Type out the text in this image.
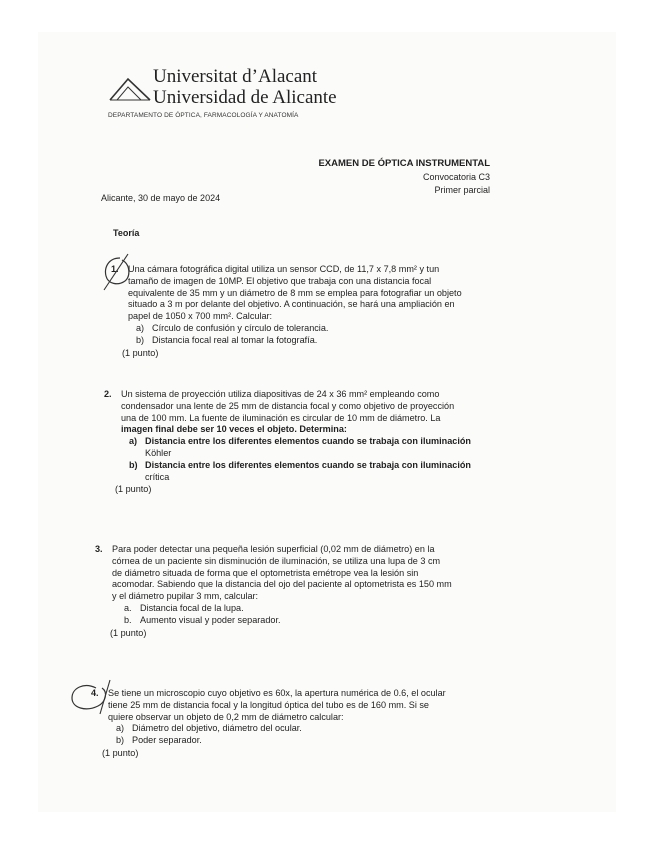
Universitat d’Alacant
Universidad de Alicante
DEPARTAMENTO DE ÓPTICA, FARMACOLOGÍA Y ANATOMÍA
EXAMEN DE ÓPTICA INSTRUMENTAL
Convocatoria C3
Primer parcial
Alicante, 30 de mayo de 2024
Teoría
1. Una cámara fotográfica digital utiliza un sensor CCD, de 11,7 x 7,8 mm² y tun
tamaño de imagen de 10MP. El objetivo que trabaja con una distancia focal
equivalente de 35 mm y un diámetro de 8 mm se emplea para fotografiar un objeto
situado a 3 m por delante del objetivo. A continuación, se hará una ampliación en
papel de 1050 x 700 mm². Calcular:
a) Círculo de confusión y círculo de tolerancia.
b) Distancia focal real al tomar la fotografía.
(1 punto)
2. Un sistema de proyección utiliza diapositivas de 24 x 36 mm² empleando como
condensador una lente de 25 mm de distancia focal y como objetivo de proyección
una de 100 mm. La fuente de iluminación es circular de 10 mm de diámetro. La
imagen final debe ser 10 veces el objeto. Determina:
a) Distancia entre los diferentes elementos cuando se trabaja con iluminación
Köhler
b) Distancia entre los diferentes elementos cuando se trabaja con iluminación
crítica
(1 punto)
3. Para poder detectar una pequeña lesión superficial (0,02 mm de diámetro) en la
córnea de un paciente sin disminución de iluminación, se utiliza una lupa de 3 cm
de diámetro situada de forma que el optometrista emétrope vea la lesión sin
acomodar. Sabiendo que la distancia del ojo del paciente al optometrista es 150 mm
y el diámetro pupilar 3 mm, calcular:
a. Distancia focal de la lupa.
b. Aumento visual y poder separador.
(1 punto)
4. Se tiene un microscopio cuyo objetivo es 60x, la apertura numérica de 0.6, el ocular
tiene 25 mm de distancia focal y la longitud óptica del tubo es de 160 mm. Si se
quiere observar un objeto de 0,2 mm de diámetro calcular:
a) Diámetro del objetivo, diámetro del ocular.
b) Poder separador.
(1 punto)
